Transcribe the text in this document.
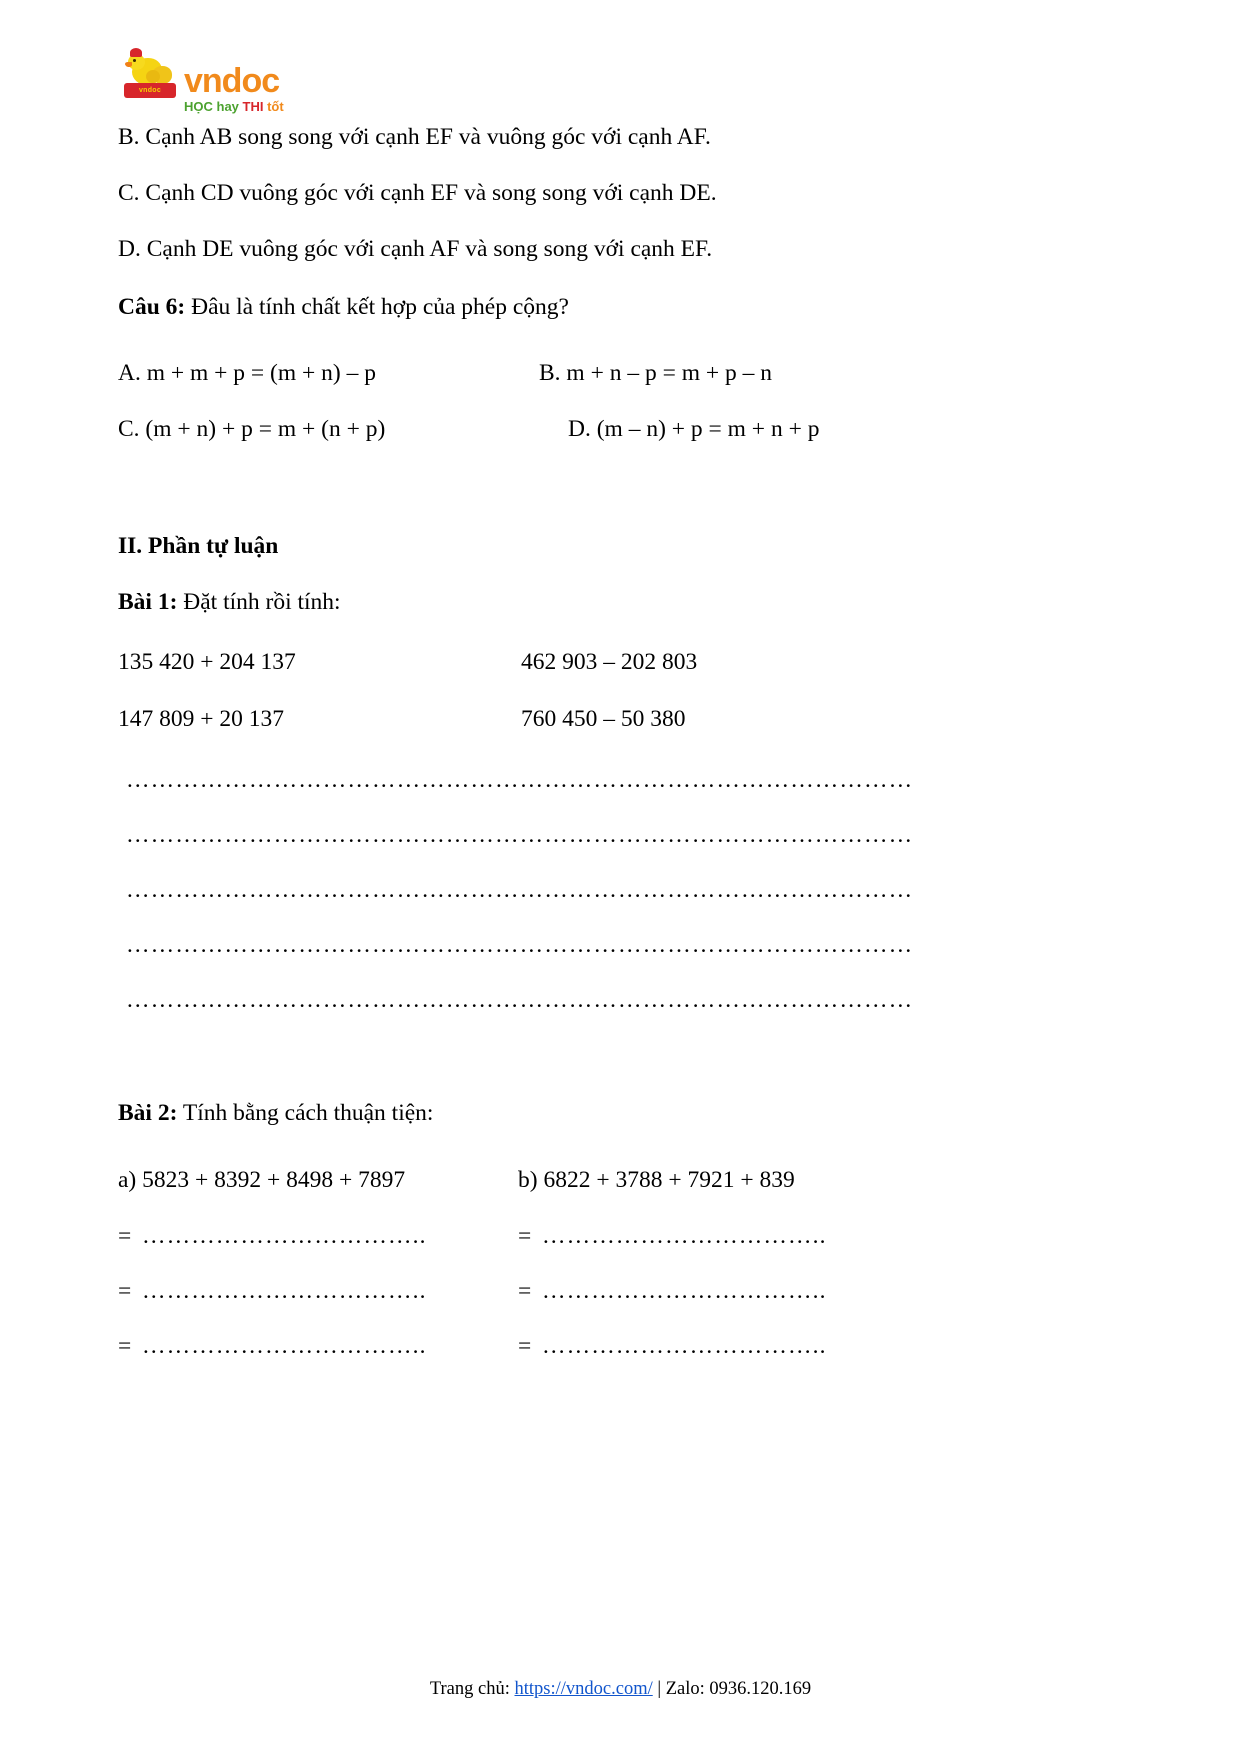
vndoc vndoc
HỌC hay THI tốt
B. Cạnh AB song song với cạnh EF và vuông góc với cạnh AF.
C. Cạnh CD vuông góc với cạnh EF và song song với cạnh DE.
D. Cạnh DE vuông góc với cạnh AF và song song với cạnh EF.
Câu 6: Đâu là tính chất kết hợp của phép cộng?
A. m + m + p = (m + n) – p	B. m + n – p = m + p – n
C. (m + n) + p = m + (n + p)	D. (m – n) + p = m + n + p
II. Phần tự luận
Bài 1: Đặt tính rồi tính:
135 420 + 204 137	462 903 – 202 803
147 809 + 20 137	760 450 – 50 380
……………………………………………………………………………………
……………………………………………………………………………………
……………………………………………………………………………………
……………………………………………………………………………………
……………………………………………………………………………………
Bài 2: Tính bằng cách thuận tiện:
a) 5823 + 8392 + 8498 + 7897	b) 6822 + 3788 + 7921 + 839
= ……………………………..	= ……………………………..
= ……………………………..	= ……………………………..
= ……………………………..	= ……………………………..
Trang chủ: https://vndoc.com/ | Zalo: 0936.120.169
